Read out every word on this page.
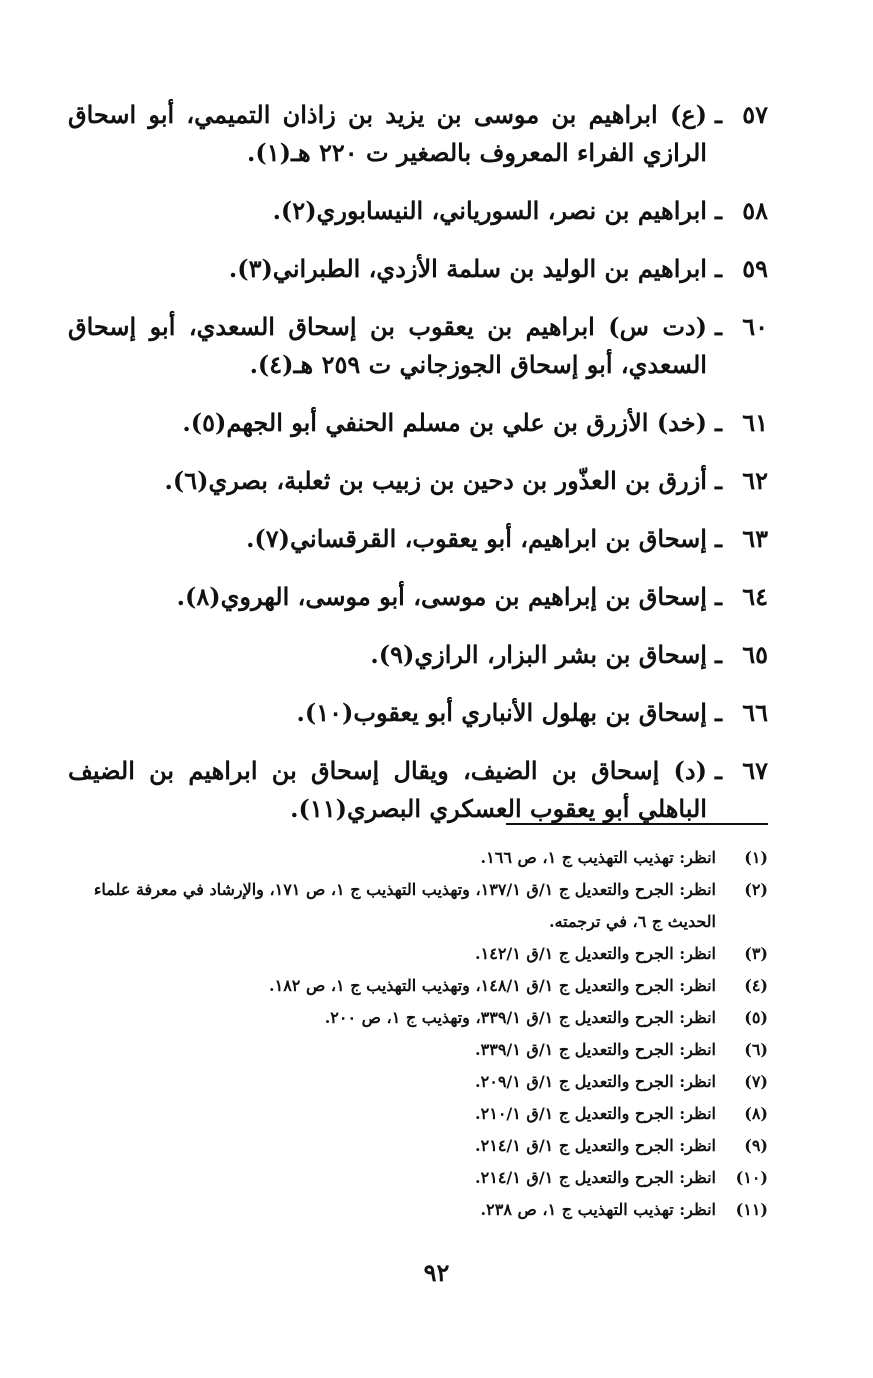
٥٧
ـ
(ع) ابراهيم بن موسى بن يزيد بن زاذان التميمي، أبو اسحاق الرازي الفراء المعروف بالصغير ت ٢٢٠ هـ(١).
٥٨
ـ
ابراهيم بن نصر، السورياني، النيسابوري(٢).
٥٩
ـ
ابراهيم بن الوليد بن سلمة الأزدي، الطبراني(٣).
٦٠
ـ
(دت س) ابراهيم بن يعقوب بن إسحاق السعدي، أبو إسحاق السعدي، أبو إسحاق الجوزجاني ت ٢٥٩ هـ(٤).
٦١
ـ
(خد) الأزرق بن علي بن مسلم الحنفي أبو الجهم(٥).
٦٢
ـ
أزرق بن العذّور بن دحين بن زبيب بن ثعلبة، بصري(٦).
٦٣
ـ
إسحاق بن ابراهيم، أبو يعقوب، القرقساني(٧).
٦٤
ـ
إسحاق بن إبراهيم بن موسى، أبو موسى، الهروي(٨).
٦٥
ـ
إسحاق بن بشر البزار، الرازي(٩).
٦٦
ـ
إسحاق بن بهلول الأنباري أبو يعقوب(١٠).
٦٧
ـ
(د) إسحاق بن الضيف، ويقال إسحاق بن ابراهيم بن الضيف الباهلي أبو يعقوب العسكري البصري(١١).
(١)
انظر: تهذيب التهذيب ج ١، ص ١٦٦.
(٢)
انظر: الجرح والتعديل ج ١/ق ١٣٧/١، وتهذيب التهذيب ج ١، ص ١٧١، والإرشاد في معرفة علماء الحديث ج ٦، في ترجمته.
(٣)
انظر: الجرح والتعديل ج ١/ق ١٤٢/١.
(٤)
انظر: الجرح والتعديل ج ١/ق ١٤٨/١، وتهذيب التهذيب ج ١، ص ١٨٢.
(٥)
انظر: الجرح والتعديل ج ١/ق ٣٣٩/١، وتهذيب ج ١، ص ٢٠٠.
(٦)
انظر: الجرح والتعديل ج ١/ق ٣٣٩/١.
(٧)
انظر: الجرح والتعديل ج ١/ق ٢٠٩/١.
(٨)
انظر: الجرح والتعديل ج ١/ق ٢١٠/١.
(٩)
انظر: الجرح والتعديل ج ١/ق ٢١٤/١.
(١٠)
انظر: الجرح والتعديل ج ١/ق ٢١٤/١.
(١١)
انظر: تهذيب التهذيب ج ١، ص ٢٣٨.
٩٢
